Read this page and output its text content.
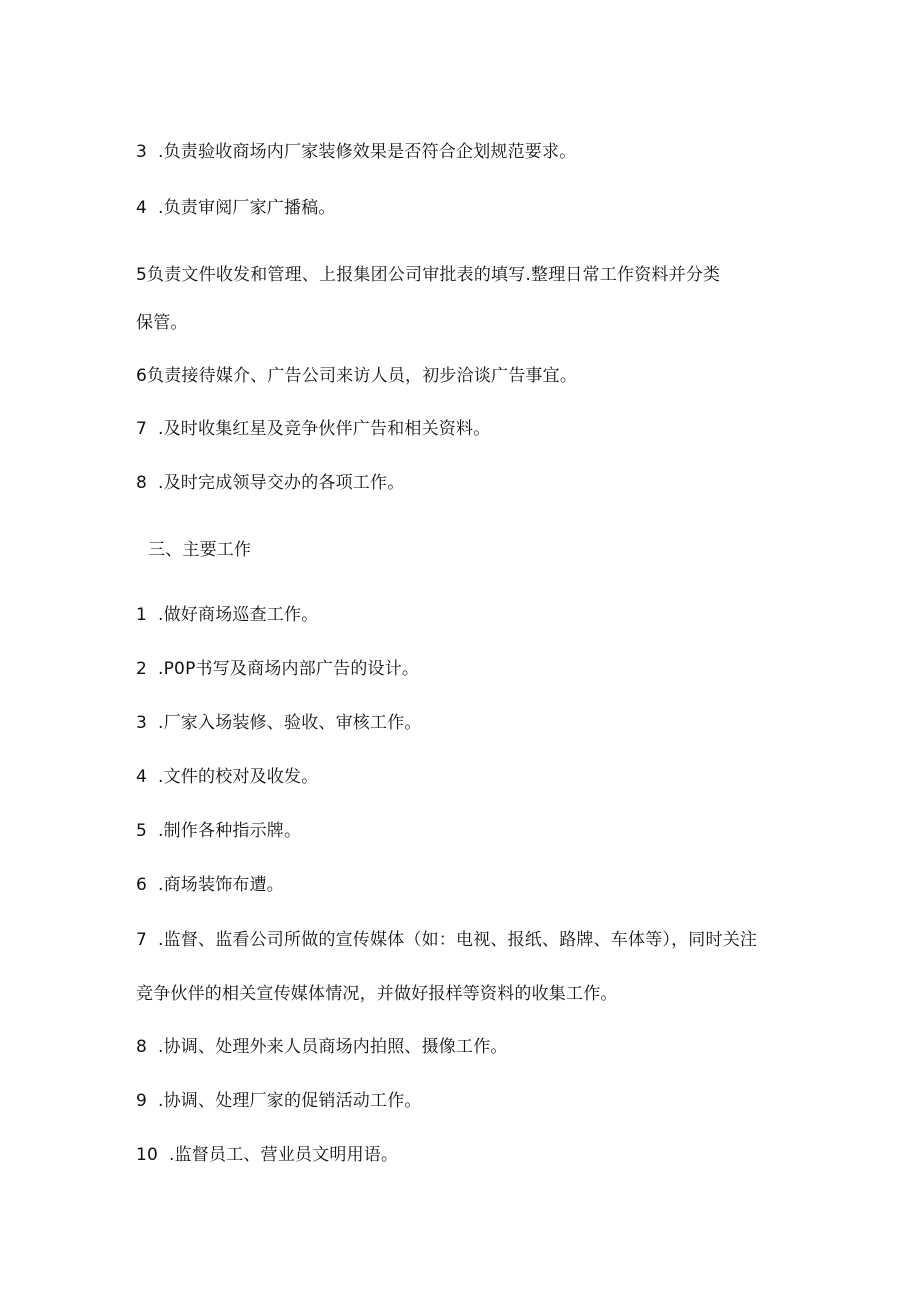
3 .负责验收商场内厂家装修效果是否符合企划规范要求。
4 .负责审阅厂家广播稿。
5负责文件收发和管理、上报集团公司审批表的填写.整理日常工作资料并分类
保管。
6负责接待媒介、广告公司来访人员，初步洽谈广告事宜。
7 .及时收集红星及竞争伙伴广告和相关资料。
8 .及时完成领导交办的各项工作。
三、主要工作
1 .做好商场巡查工作。
2 .P0P书写及商场内部广告的设计。
3 .厂家入场装修、验收、审核工作。
4 .文件的校对及收发。
5 .制作各种指示牌。
6 .商场装饰布遭。
7 .监督、监看公司所做的宣传媒体（如：电视、报纸、路牌、车体等），同时关注
竞争伙伴的相关宣传媒体情况，并做好报样等资料的收集工作。
8 .协调、处理外来人员商场内拍照、摄像工作。
9 .协调、处理厂家的促销活动工作。
10 .监督员工、营业员文明用语。
